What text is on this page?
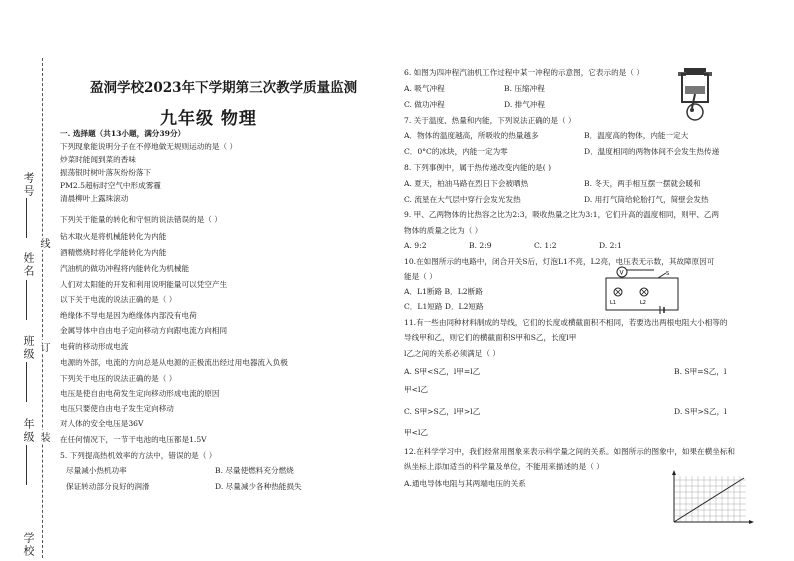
考号
姓名
班级
年级
学校
线
订
装
盈洞学校2023年下学期第三次教学质量监测
九年级 物理
一. 选择题（共13小题，满分39分）
下列现象能说明分子在不停地做无规则运动的是（ ）
炒菜时能闻到菜的香味
振荡银时树叶落灰纷纷落下
PM2.5超标时空气中形成雾霾
清晨柳叶上露珠滚动
下列关于能量的转化和守恒的说法错误的是（ ）
钻木取火是将机械能转化为内能
酒精燃烧时将化学能转化为内能
汽油机的做功冲程将内能转化为机械能
人们对太阳能的开发和利用说明能量可以凭空产生
以下关于电流的说法正确的是（ ）
绝缘体不导电是因为绝缘体内部没有电荷
金属导体中自由电子定向移动方向跟电流方向相同
电荷的移动形成电流
电源的外部，电流的方向总是从电源的正极流出经过用电器流入负极
下列关于电压的说法正确的是（ ）
电压是使自由电荷发生定向移动形成电流的原因
电压只要使自由电子发生定向移动
对人体的安全电压是36V
在任何情况下，一节干电池的电压都是1.5V
5. 下列提高热机效率的方法中，错误的是（ ）
尽量减小热机功率	B. 尽量使燃料充分燃烧
保证转动部分良好的润滑	D. 尽量减少各种热能损失
6. 如图为四冲程汽油机工作过程中某一冲程的示意图，它表示的是（ ）
A. 吸气冲程	B. 压缩冲程
C. 做功冲程	D. 排气冲程
7. 关于温度、热量和内能，下列说法正确的是（ ）
A．物体的温度越高，所吸收的热量越多	B．温度高的物体，内能一定大
C．0°C的冰块，内能一定为零	D．温度相同的两物体间不会发生热传递
8. 下列事例中，属于热传递改变内能的是( )
A. 夏天，柏油马路在烈日下会被晒热	B. 冬天，两手相互摆一摆就会暖和
C. 流星在大气层中穿行会发光发热	D. 用打气筒给轮胎打气，简壁会发热
9. 甲、乙两物体的比热容之比为2:3，吸收热量之比为3:1，它们升高的温度相同，则甲、乙两
物体的质量之比为（ ）
A. 9:2	B. 2:9	C. 1:2	D. 2:1
10.在如图所示的电路中，闭合开关S后，灯泡L1不亮，L2亮，电压表无示数，其故障原因可
能是（ ）
A．L1断路 B．L2断路
C．L1短路 D．L2短路
V	S
L1	L2
11.有一些由同种材料制成的导线，它们的长度或横截面积不相同，若要选出两根电阻大小相等的
导线甲和乙，则它们的横截面积S甲和S乙，长度l甲
l乙之间的关系必须满足（ ）
A. S甲<S乙，l甲=l乙	B. S甲=S乙，l
甲<l乙
C. S甲>S乙，l甲>l乙	D. S甲>S乙，l
甲<l乙
12.在科学学习中，我们经常用图象来表示科学量之间的关系。如图所示的图象中，如果在横坐标和
纵坐标上添加适当的科学量及单位，不能用来描述的是（ ）
A.通电导体电阻与其两端电压的关系
